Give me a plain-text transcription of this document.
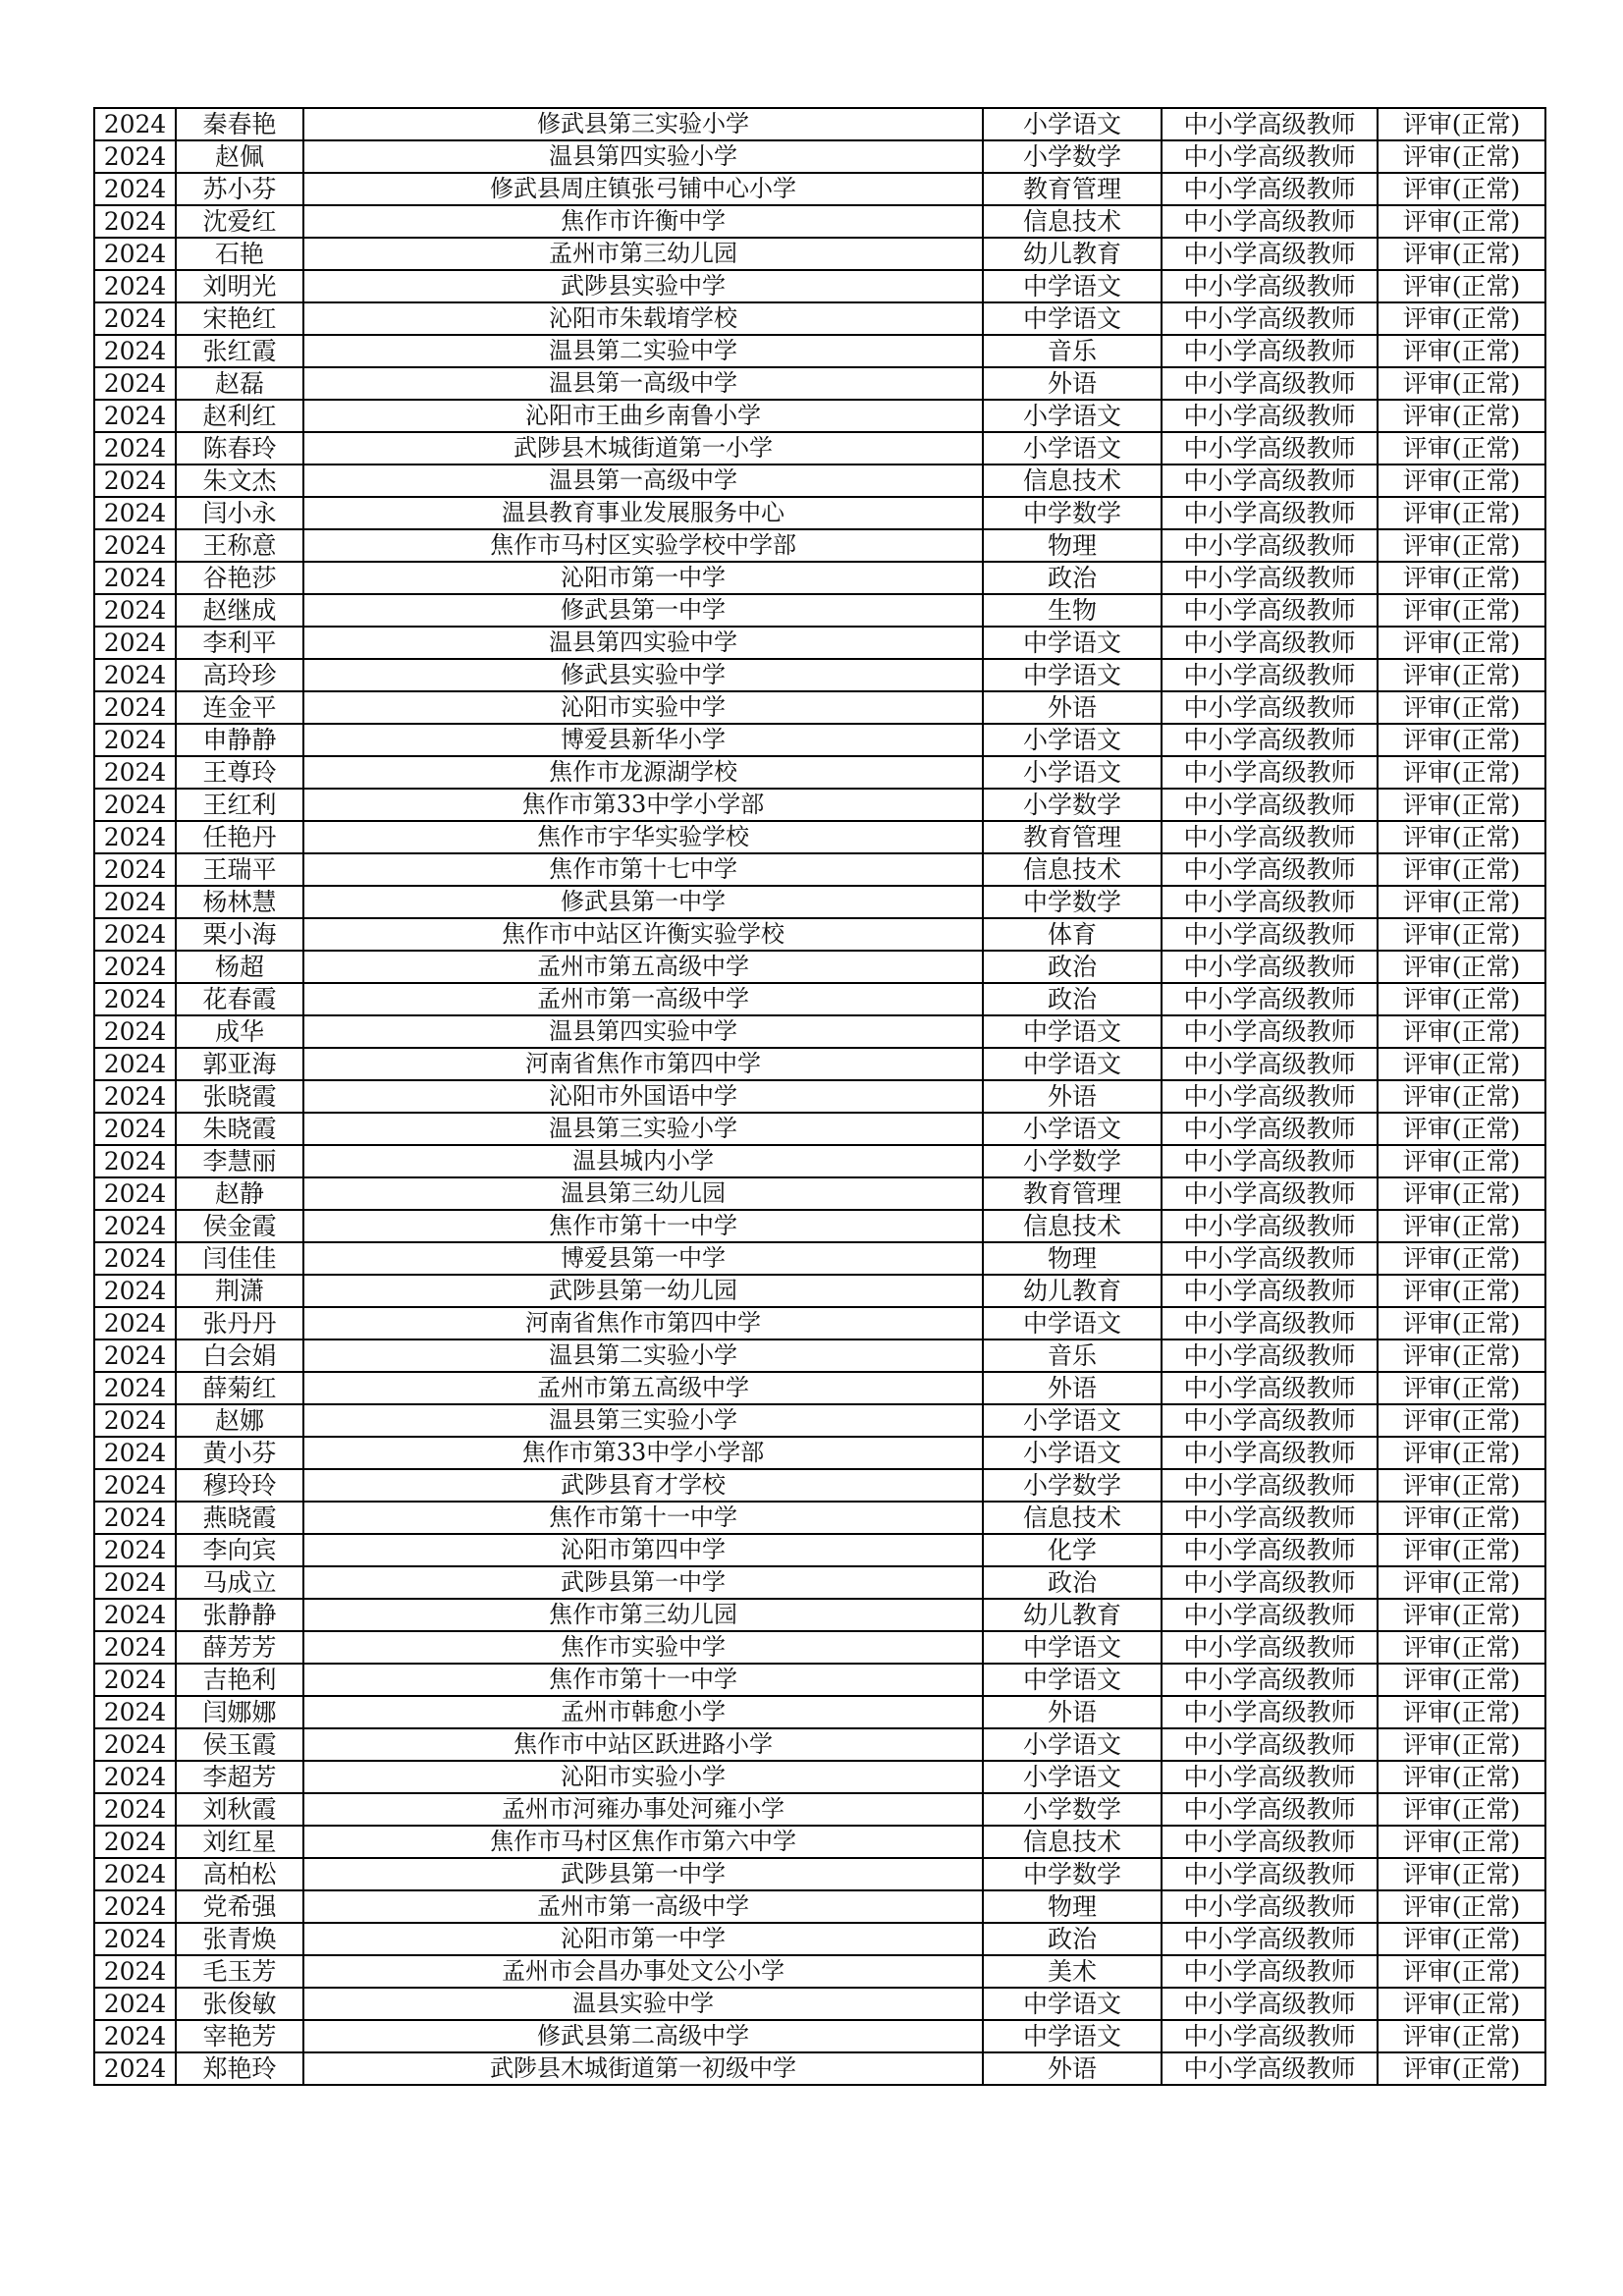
2024	秦春艳	修武县第三实验小学	小学语文	中小学高级教师	评审(正常)
2024	赵佩	温县第四实验小学	小学数学	中小学高级教师	评审(正常)
2024	苏小芬	修武县周庄镇张弓铺中心小学	教育管理	中小学高级教师	评审(正常)
2024	沈爱红	焦作市许衡中学	信息技术	中小学高级教师	评审(正常)
2024	石艳	孟州市第三幼儿园	幼儿教育	中小学高级教师	评审(正常)
2024	刘明光	武陟县实验中学	中学语文	中小学高级教师	评审(正常)
2024	宋艳红	沁阳市朱载堉学校	中学语文	中小学高级教师	评审(正常)
2024	张红霞	温县第二实验中学	音乐	中小学高级教师	评审(正常)
2024	赵磊	温县第一高级中学	外语	中小学高级教师	评审(正常)
2024	赵利红	沁阳市王曲乡南鲁小学	小学语文	中小学高级教师	评审(正常)
2024	陈春玲	武陟县木城街道第一小学	小学语文	中小学高级教师	评审(正常)
2024	朱文杰	温县第一高级中学	信息技术	中小学高级教师	评审(正常)
2024	闫小永	温县教育事业发展服务中心	中学数学	中小学高级教师	评审(正常)
2024	王称意	焦作市马村区实验学校中学部	物理	中小学高级教师	评审(正常)
2024	谷艳莎	沁阳市第一中学	政治	中小学高级教师	评审(正常)
2024	赵继成	修武县第一中学	生物	中小学高级教师	评审(正常)
2024	李利平	温县第四实验中学	中学语文	中小学高级教师	评审(正常)
2024	高玲珍	修武县实验中学	中学语文	中小学高级教师	评审(正常)
2024	连金平	沁阳市实验中学	外语	中小学高级教师	评审(正常)
2024	申静静	博爱县新华小学	小学语文	中小学高级教师	评审(正常)
2024	王尊玲	焦作市龙源湖学校	小学语文	中小学高级教师	评审(正常)
2024	王红利	焦作市第33中学小学部	小学数学	中小学高级教师	评审(正常)
2024	任艳丹	焦作市宇华实验学校	教育管理	中小学高级教师	评审(正常)
2024	王瑞平	焦作市第十七中学	信息技术	中小学高级教师	评审(正常)
2024	杨林慧	修武县第一中学	中学数学	中小学高级教师	评审(正常)
2024	栗小海	焦作市中站区许衡实验学校	体育	中小学高级教师	评审(正常)
2024	杨超	孟州市第五高级中学	政治	中小学高级教师	评审(正常)
2024	花春霞	孟州市第一高级中学	政治	中小学高级教师	评审(正常)
2024	成华	温县第四实验中学	中学语文	中小学高级教师	评审(正常)
2024	郭亚海	河南省焦作市第四中学	中学语文	中小学高级教师	评审(正常)
2024	张晓霞	沁阳市外国语中学	外语	中小学高级教师	评审(正常)
2024	朱晓霞	温县第三实验小学	小学语文	中小学高级教师	评审(正常)
2024	李慧丽	温县城内小学	小学数学	中小学高级教师	评审(正常)
2024	赵静	温县第三幼儿园	教育管理	中小学高级教师	评审(正常)
2024	侯金霞	焦作市第十一中学	信息技术	中小学高级教师	评审(正常)
2024	闫佳佳	博爱县第一中学	物理	中小学高级教师	评审(正常)
2024	荆潇	武陟县第一幼儿园	幼儿教育	中小学高级教师	评审(正常)
2024	张丹丹	河南省焦作市第四中学	中学语文	中小学高级教师	评审(正常)
2024	白会娟	温县第二实验小学	音乐	中小学高级教师	评审(正常)
2024	薛菊红	孟州市第五高级中学	外语	中小学高级教师	评审(正常)
2024	赵娜	温县第三实验小学	小学语文	中小学高级教师	评审(正常)
2024	黄小芬	焦作市第33中学小学部	小学语文	中小学高级教师	评审(正常)
2024	穆玲玲	武陟县育才学校	小学数学	中小学高级教师	评审(正常)
2024	燕晓霞	焦作市第十一中学	信息技术	中小学高级教师	评审(正常)
2024	李向宾	沁阳市第四中学	化学	中小学高级教师	评审(正常)
2024	马成立	武陟县第一中学	政治	中小学高级教师	评审(正常)
2024	张静静	焦作市第三幼儿园	幼儿教育	中小学高级教师	评审(正常)
2024	薛芳芳	焦作市实验中学	中学语文	中小学高级教师	评审(正常)
2024	吉艳利	焦作市第十一中学	中学语文	中小学高级教师	评审(正常)
2024	闫娜娜	孟州市韩愈小学	外语	中小学高级教师	评审(正常)
2024	侯玉霞	焦作市中站区跃进路小学	小学语文	中小学高级教师	评审(正常)
2024	李超芳	沁阳市实验小学	小学语文	中小学高级教师	评审(正常)
2024	刘秋霞	孟州市河雍办事处河雍小学	小学数学	中小学高级教师	评审(正常)
2024	刘红星	焦作市马村区焦作市第六中学	信息技术	中小学高级教师	评审(正常)
2024	高柏松	武陟县第一中学	中学数学	中小学高级教师	评审(正常)
2024	党希强	孟州市第一高级中学	物理	中小学高级教师	评审(正常)
2024	张青焕	沁阳市第一中学	政治	中小学高级教师	评审(正常)
2024	毛玉芳	孟州市会昌办事处文公小学	美术	中小学高级教师	评审(正常)
2024	张俊敏	温县实验中学	中学语文	中小学高级教师	评审(正常)
2024	宰艳芳	修武县第二高级中学	中学语文	中小学高级教师	评审(正常)
2024	郑艳玲	武陟县木城街道第一初级中学	外语	中小学高级教师	评审(正常)
